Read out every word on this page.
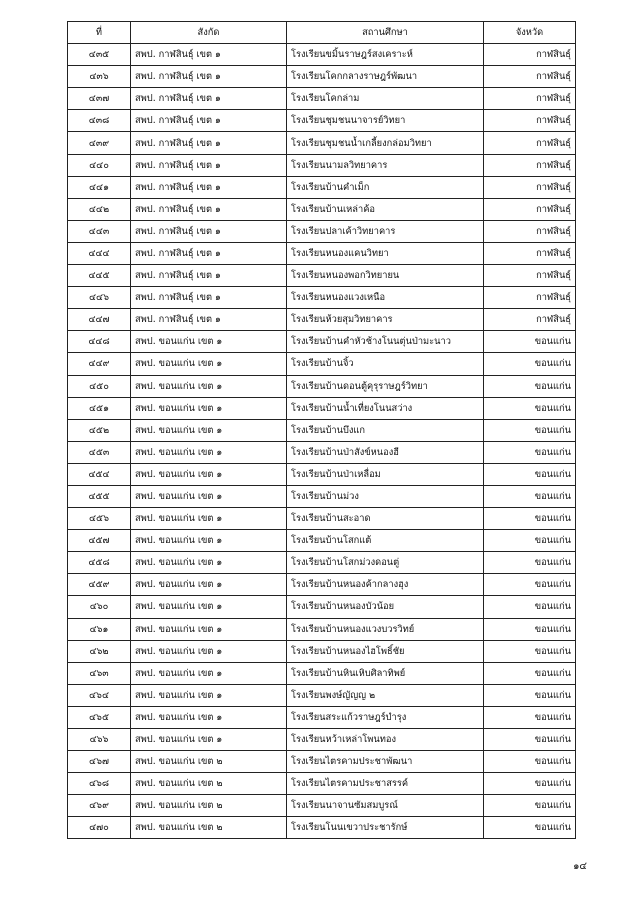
ที่	สังกัด	สถานศึกษา	จังหวัด
๔๓๕	สพป. กาฬสินธุ์ เขต ๑	โรงเรียนขมิ้นราษฎร์สงเคราะห์	กาฬสินธุ์
๔๓๖	สพป. กาฬสินธุ์ เขต ๑	โรงเรียนโคกกลางราษฎร์พัฒนา	กาฬสินธุ์
๔๓๗	สพป. กาฬสินธุ์ เขต ๑	โรงเรียนโคกล่าม	กาฬสินธุ์
๔๓๘	สพป. กาฬสินธุ์ เขต ๑	โรงเรียนชุมชนนาจารย์วิทยา	กาฬสินธุ์
๔๓๙	สพป. กาฬสินธุ์ เขต ๑	โรงเรียนชุมชนน้ำเกลี้ยงกล่อมวิทยา	กาฬสินธุ์
๔๔๐	สพป. กาฬสินธุ์ เขต ๑	โรงเรียนนามลวิทยาคาร	กาฬสินธุ์
๔๔๑	สพป. กาฬสินธุ์ เขต ๑	โรงเรียนบ้านคำเม็ก	กาฬสินธุ์
๔๔๒	สพป. กาฬสินธุ์ เขต ๑	โรงเรียนบ้านเหล่าค้อ	กาฬสินธุ์
๔๔๓	สพป. กาฬสินธุ์ เขต ๑	โรงเรียนปลาเค้าวิทยาคาร	กาฬสินธุ์
๔๔๔	สพป. กาฬสินธุ์ เขต ๑	โรงเรียนหนองแคนวิทยา	กาฬสินธุ์
๔๔๕	สพป. กาฬสินธุ์ เขต ๑	โรงเรียนหนองพอกวิทยายน	กาฬสินธุ์
๔๔๖	สพป. กาฬสินธุ์ เขต ๑	โรงเรียนหนองแวงเหนือ	กาฬสินธุ์
๔๔๗	สพป. กาฬสินธุ์ เขต ๑	โรงเรียนห้วยสุมวิทยาคาร	กาฬสินธุ์
๔๔๘	สพป. ขอนแก่น เขต ๑	โรงเรียนบ้านคำหัวช้างโนนตุ่นป่ามะนาว	ขอนแก่น
๔๔๙	สพป. ขอนแก่น เขต ๑	โรงเรียนบ้านจิ้ว	ขอนแก่น
๔๕๐	สพป. ขอนแก่น เขต ๑	โรงเรียนบ้านดอนตู้คุรุราษฎร์วิทยา	ขอนแก่น
๔๕๑	สพป. ขอนแก่น เขต ๑	โรงเรียนบ้านน้ำเที่ยงโนนสว่าง	ขอนแก่น
๔๕๒	สพป. ขอนแก่น เขต ๑	โรงเรียนบ้านบึงแก	ขอนแก่น
๔๕๓	สพป. ขอนแก่น เขต ๑	โรงเรียนบ้านป่าสังข์หนองฮี	ขอนแก่น
๔๕๔	สพป. ขอนแก่น เขต ๑	โรงเรียนบ้านป่าเหลื่อม	ขอนแก่น
๔๕๕	สพป. ขอนแก่น เขต ๑	โรงเรียนบ้านม่วง	ขอนแก่น
๔๕๖	สพป. ขอนแก่น เขต ๑	โรงเรียนบ้านสะอาด	ขอนแก่น
๔๕๗	สพป. ขอนแก่น เขต ๑	โรงเรียนบ้านโสกแต้	ขอนแก่น
๔๕๘	สพป. ขอนแก่น เขต ๑	โรงเรียนบ้านโสกม่วงดอนตู่	ขอนแก่น
๔๕๙	สพป. ขอนแก่น เขต ๑	โรงเรียนบ้านหนองค้ากลางฮุง	ขอนแก่น
๔๖๐	สพป. ขอนแก่น เขต ๑	โรงเรียนบ้านหนองบัวน้อย	ขอนแก่น
๔๖๑	สพป. ขอนแก่น เขต ๑	โรงเรียนบ้านหนองแวงบวรวิทย์	ขอนแก่น
๔๖๒	สพป. ขอนแก่น เขต ๑	โรงเรียนบ้านหนองไฮโพธิ์ชัย	ขอนแก่น
๔๖๓	สพป. ขอนแก่น เขต ๑	โรงเรียนบ้านหินเหิบศิลาทิพย์	ขอนแก่น
๔๖๔	สพป. ขอนแก่น เขต ๑	โรงเรียนพงษ์ญัญญ ๒	ขอนแก่น
๔๖๕	สพป. ขอนแก่น เขต ๑	โรงเรียนสระแก้วราษฎร์บำรุง	ขอนแก่น
๔๖๖	สพป. ขอนแก่น เขต ๑	โรงเรียนหว้าเหล่าโพนทอง	ขอนแก่น
๔๖๗	สพป. ขอนแก่น เขต ๒	โรงเรียนไตรคามประชาพัฒนา	ขอนแก่น
๔๖๘	สพป. ขอนแก่น เขต ๒	โรงเรียนไตรคามประชาสรรค์	ขอนแก่น
๔๖๙	สพป. ขอนแก่น เขต ๒	โรงเรียนนาจานซัมสมบูรณ์	ขอนแก่น
๔๗๐	สพป. ขอนแก่น เขต ๒	โรงเรียนโนนเขวาประชารักษ์	ขอนแก่น
๑๔
